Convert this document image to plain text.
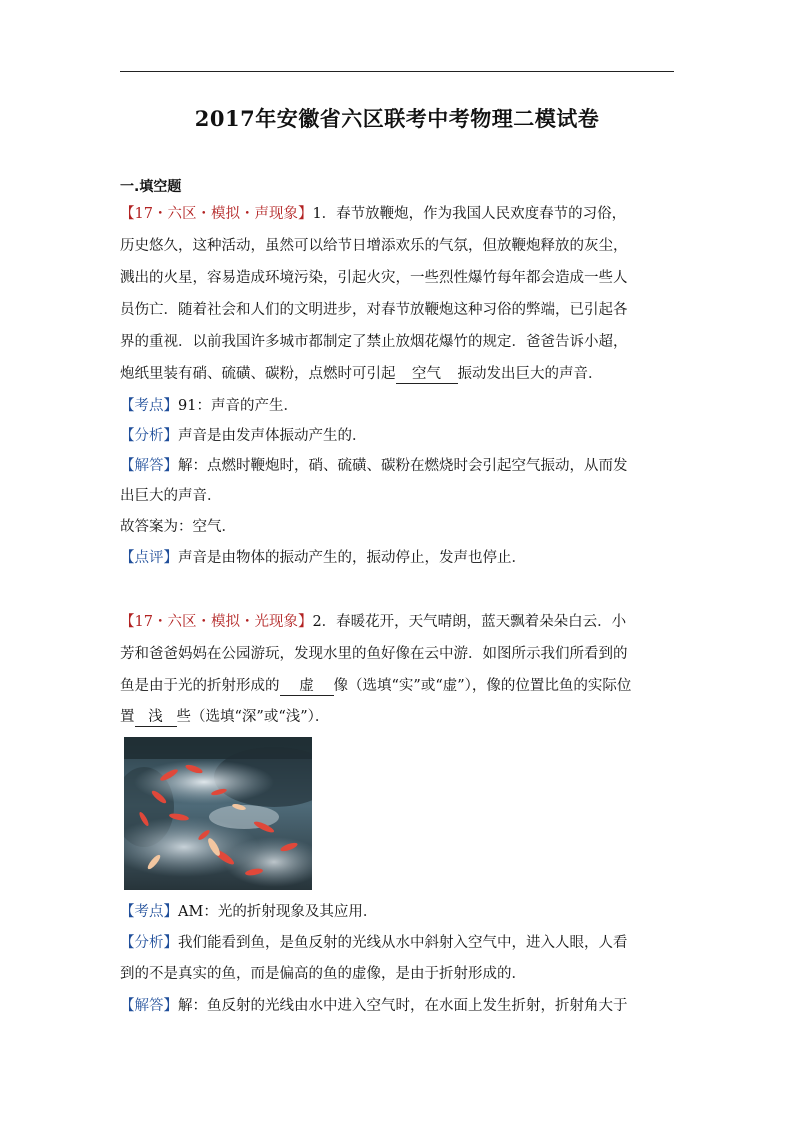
2017年安徽省六区联考中考物理二模试卷
一.填空题
【17・六区・模拟・声现象】1．春节放鞭炮，作为我国人民欢度春节的习俗，
历史悠久，这种活动，虽然可以给节日增添欢乐的气氛，但放鞭炮释放的灰尘，
溅出的火星，容易造成环境污染，引起火灾，一些烈性爆竹每年都会造成一些人
员伤亡．随着社会和人们的文明进步，对春节放鞭炮这种习俗的弊端，已引起各
界的重视．以前我国许多城市都制定了禁止放烟花爆竹的规定．爸爸告诉小超，
炮纸里装有硝、硫磺、碳粉，点燃时可引起 空气 振动发出巨大的声音．
【考点】91：声音的产生．
【分析】声音是由发声体振动产生的．
【解答】解：点燃时鞭炮时，硝、硫磺、碳粉在燃烧时会引起空气振动，从而发
出巨大的声音．
故答案为：空气．
【点评】声音是由物体的振动产生的，振动停止，发声也停止．
【17・六区・模拟・光现象】2．春暖花开，天气晴朗，蓝天飘着朵朵白云．小
芳和爸爸妈妈在公园游玩，发现水里的鱼好像在云中游．如图所示我们所看到的
鱼是由于光的折射形成的 虚 像（选填“实”或“虚”），像的位置比鱼的实际位
置 浅 些（选填“深”或“浅”）．
【考点】AM：光的折射现象及其应用．
【分析】我们能看到鱼，是鱼反射的光线从水中斜射入空气中，进入人眼，人看
到的不是真实的鱼，而是偏高的鱼的虚像，是由于折射形成的．
【解答】解：鱼反射的光线由水中进入空气时，在水面上发生折射，折射角大于
